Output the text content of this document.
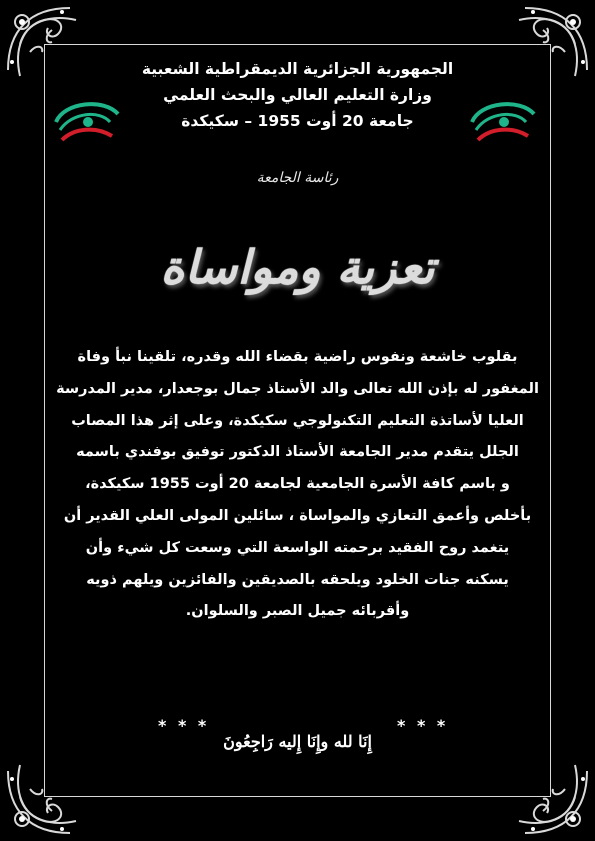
الجمهورية الجزائرية الديمقراطية الشعبية
وزارة التعليم العالي والبحث العلمي
جامعة 20 أوت 1955 – سكيكدة
رئاسة الجامعة
تعزية ومواساة
بقلوب خاشعة ونفوس راضية بقضاء الله وقدره، تلقينا نبأ وفاة
المغفور له بإذن الله تعالى والد الأستاذ جمال بوجعدار، مدير المدرسة
العليا لأساتذة التعليم التكنولوجي سكيكدة، وعلى إثر هذا المصاب
الجلل يتقدم مدير الجامعة الأستاذ الدكتور توفيق بوفندي باسمه
و باسم كافة الأسرة الجامعية لجامعة 20 أوت 1955 سكيكدة،
بأخلص وأعمق التعازي والمواساة ، سائلين المولى العلي القدير أن
يتغمد روح الفقيد برحمته الواسعة التي وسعت كل شيء وأن
يسكنه جنات الخلود ويلحقه بالصديقين والفائزين ويلهم ذويه
وأقربائه جميل الصبر والسلوان.
* * *
* * *
إِنَا لله وإِنَا إِليه رَاجِعُونَ
